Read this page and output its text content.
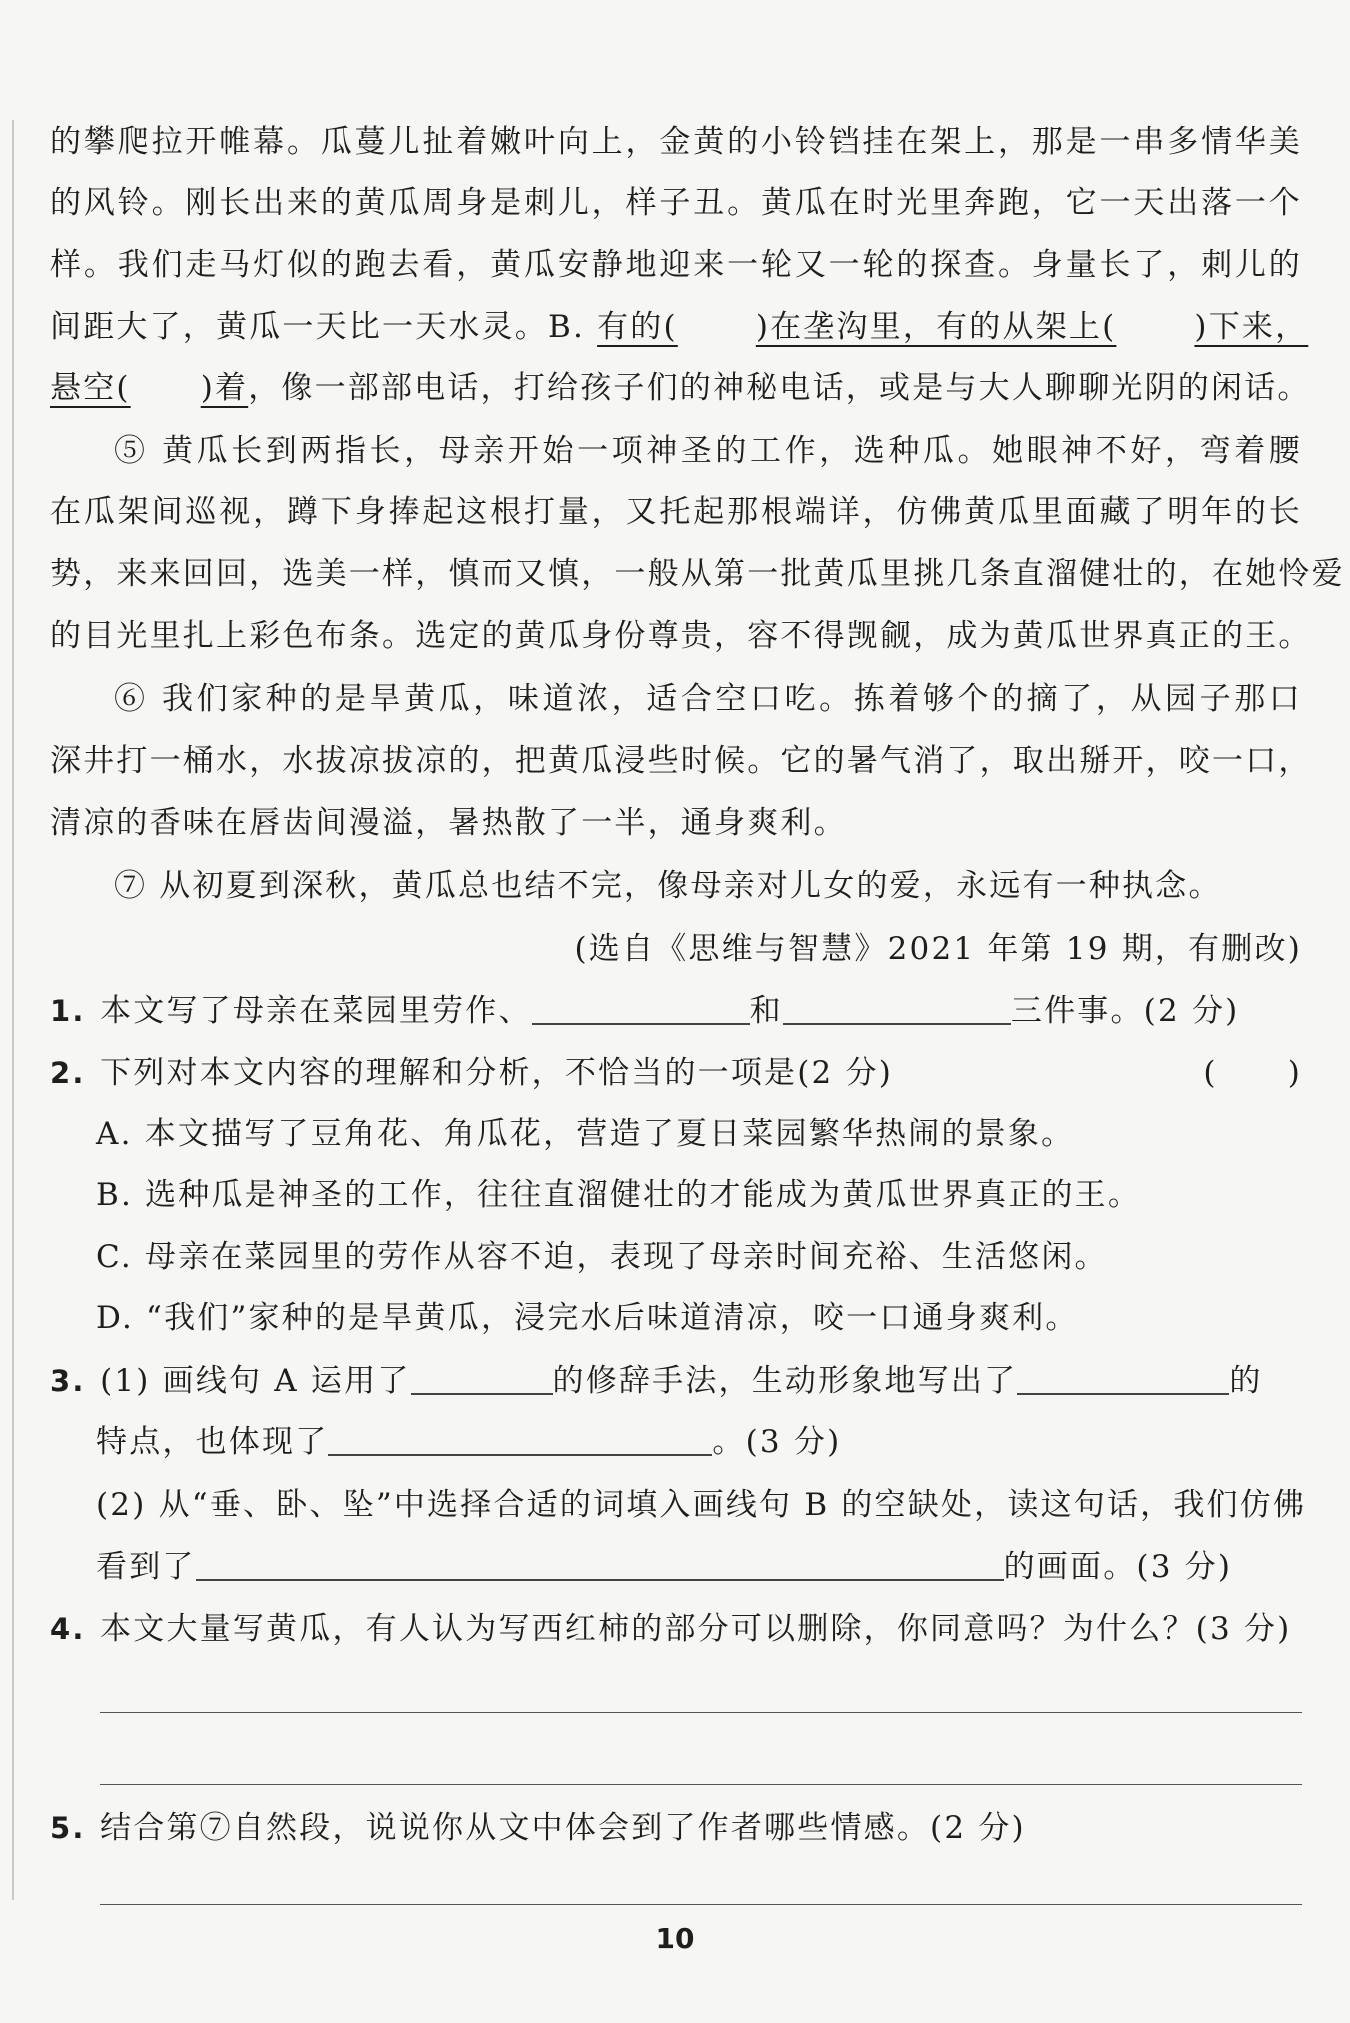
的攀爬拉开帷幕。瓜蔓儿扯着嫩叶向上，金黄的小铃铛挂在架上，那是一串多情华美
的风铃。刚长出来的黄瓜周身是刺儿，样子丑。黄瓜在时光里奔跑，它一天出落一个
样。我们走马灯似的跑去看，黄瓜安静地迎来一轮又一轮的探查。身量长了，刺儿的
间距大了，黄瓜一天比一天水灵。B. 有的(	)在垄沟里，有的从架上(	)下来，
悬空( )着，像一部部电话，打给孩子们的神秘电话，或是与大人聊聊光阴的闲话。
⑤ 黄瓜长到两指长，母亲开始一项神圣的工作，选种瓜。她眼神不好，弯着腰
在瓜架间巡视，蹲下身捧起这根打量，又托起那根端详，仿佛黄瓜里面藏了明年的长
势，来来回回，选美一样，慎而又慎，一般从第一批黄瓜里挑几条直溜健壮的，在她怜爱
的目光里扎上彩色布条。选定的黄瓜身份尊贵，容不得觊觎，成为黄瓜世界真正的王。
⑥ 我们家种的是旱黄瓜，味道浓，适合空口吃。拣着够个的摘了，从园子那口
深井打一桶水，水拔凉拔凉的，把黄瓜浸些时候。它的暑气消了，取出掰开，咬一口，
清凉的香味在唇齿间漫溢，暑热散了一半，通身爽利。
⑦ 从初夏到深秋，黄瓜总也结不完，像母亲对儿女的爱，永远有一种执念。
(选自《思维与智慧》2021 年第 19 期，有删改)
1. 本文写了母亲在菜园里劳作、	和	三件事。(2 分)
2. 下列对本文内容的理解和分析，不恰当的一项是(2 分)	( )
A. 本文描写了豆角花、角瓜花，营造了夏日菜园繁华热闹的景象。
B. 选种瓜是神圣的工作，往往直溜健壮的才能成为黄瓜世界真正的王。
C. 母亲在菜园里的劳作从容不迫，表现了母亲时间充裕、生活悠闲。
D. “我们”家种的是旱黄瓜，浸完水后味道清凉，咬一口通身爽利。
3. (1) 画线句 A 运用了	的修辞手法，生动形象地写出了	的
特点，也体现了	。(3 分)
(2) 从“垂、卧、坠”中选择合适的词填入画线句 B 的空缺处，读这句话，我们仿佛
看到了	的画面。(3 分)
4. 本文大量写黄瓜，有人认为写西红柿的部分可以删除，你同意吗？为什么？(3 分)
5. 结合第⑦自然段，说说你从文中体会到了作者哪些情感。(2 分)
10
